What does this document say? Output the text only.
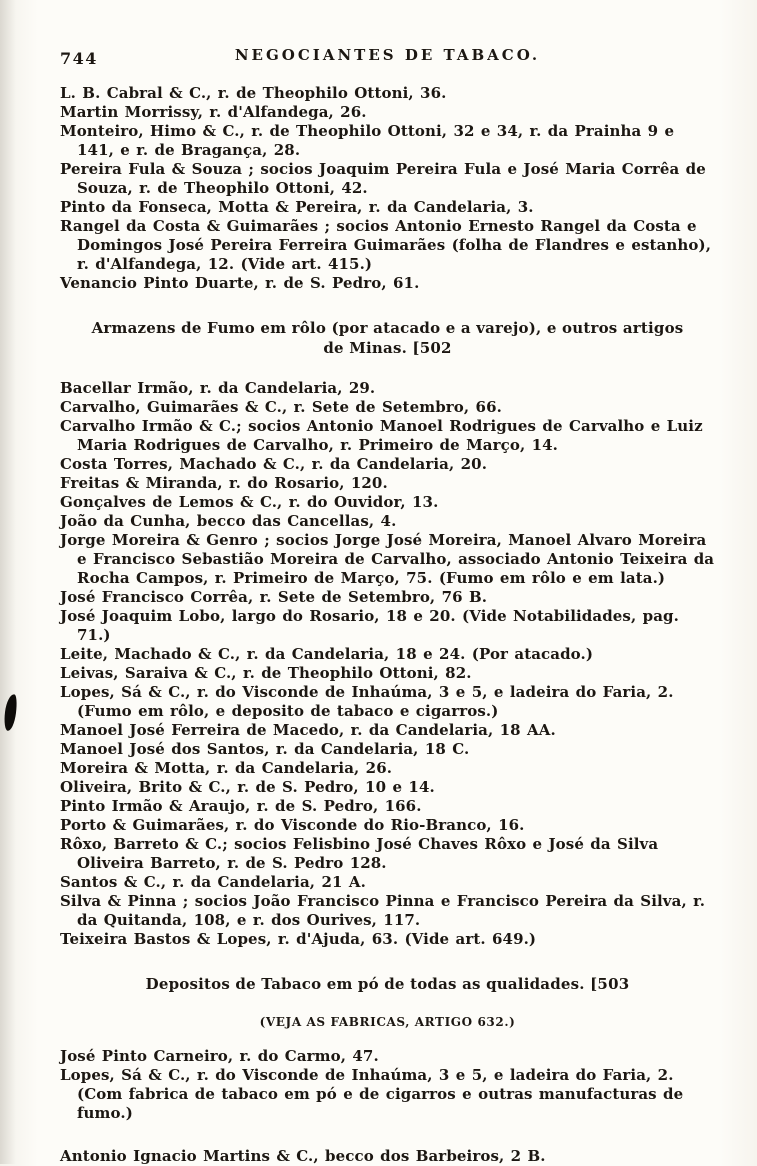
744	NEGOCIANTES DE TABACO.

L. B. Cabral & C., r. de Theophilo Ottoni, 36.

Martin Morrissy, r. d'Alfandega, 26.

Monteiro, Himo & C., r. de Theophilo Ottoni, 32 e 34, r. da Prainha 9 e 141, e r. de Bragança, 28.

Pereira Fula & Souza ; socios Joaquim Pereira Fula e José Maria Corrêa de Souza, r. de Theophilo Ottoni, 42.

Pinto da Fonseca, Motta & Pereira, r. da Candelaria, 3.

Rangel da Costa & Guimarães ; socios Antonio Ernesto Rangel da Costa e Domingos José Pereira Ferreira Guimarães (folha de Flandres e estanho), r. d'Alfandega, 12. (Vide art. 415.)

Venancio Pinto Duarte, r. de S. Pedro, 61.

Armazens de Fumo em rôlo (por atacado e a varejo), e outros artigos
de Minas. [502

Bacellar Irmão, r. da Candelaria, 29.

Carvalho, Guimarães & C., r. Sete de Setembro, 66.

Carvalho Irmão & C.; socios Antonio Manoel Rodrigues de Carvalho e Luiz Maria Rodrigues de Carvalho, r. Primeiro de Março, 14.

Costa Torres, Machado & C., r. da Candelaria, 20.

Freitas & Miranda, r. do Rosario, 120.

Gonçalves de Lemos & C., r. do Ouvidor, 13.

João da Cunha, becco das Cancellas, 4.

Jorge Moreira & Genro ; socios Jorge José Moreira, Manoel Alvaro Moreira e Francisco Sebastião Moreira de Carvalho, associado Antonio Teixeira da Rocha Campos, r. Primeiro de Março, 75. (Fumo em rôlo e em lata.)

José Francisco Corrêa, r. Sete de Setembro, 76 B.

José Joaquim Lobo, largo do Rosario, 18 e 20. (Vide Notabilidades, pag. 71.)

Leite, Machado & C., r. da Candelaria, 18 e 24. (Por atacado.)

Leivas, Saraiva & C., r. de Theophilo Ottoni, 82.

Lopes, Sá & C., r. do Visconde de Inhaúma, 3 e 5, e ladeira do Faria, 2. (Fumo em rôlo, e deposito de tabaco e cigarros.)

Manoel José Ferreira de Macedo, r. da Candelaria, 18 AA.

Manoel José dos Santos, r. da Candelaria, 18 C.

Moreira & Motta, r. da Candelaria, 26.

Oliveira, Brito & C., r. de S. Pedro, 10 e 14.

Pinto Irmão & Araujo, r. de S. Pedro, 166.

Porto & Guimarães, r. do Visconde do Rio-Branco, 16.

Rôxo, Barreto & C.; socios Felisbino José Chaves Rôxo e José da Silva Oliveira Barreto, r. de S. Pedro 128.

Santos & C., r. da Candelaria, 21 A.

Silva & Pinna ; socios João Francisco Pinna e Francisco Pereira da Silva, r. da Quitanda, 108, e r. dos Ourives, 117.

Teixeira Bastos & Lopes, r. d'Ajuda, 63. (Vide art. 649.)

Depositos de Tabaco em pó de todas as qualidades. [503
(VEJA AS FABRICAS, ARTIGO 632.)

José Pinto Carneiro, r. do Carmo, 47.

Lopes, Sá & C., r. do Visconde de Inhaúma, 3 e 5, e ladeira do Faria, 2. (Com fabrica de tabaco em pó e de cigarros e outras manufacturas de fumo.)

Antonio Ignacio Martins & C., becco dos Barbeiros, 2 B.
